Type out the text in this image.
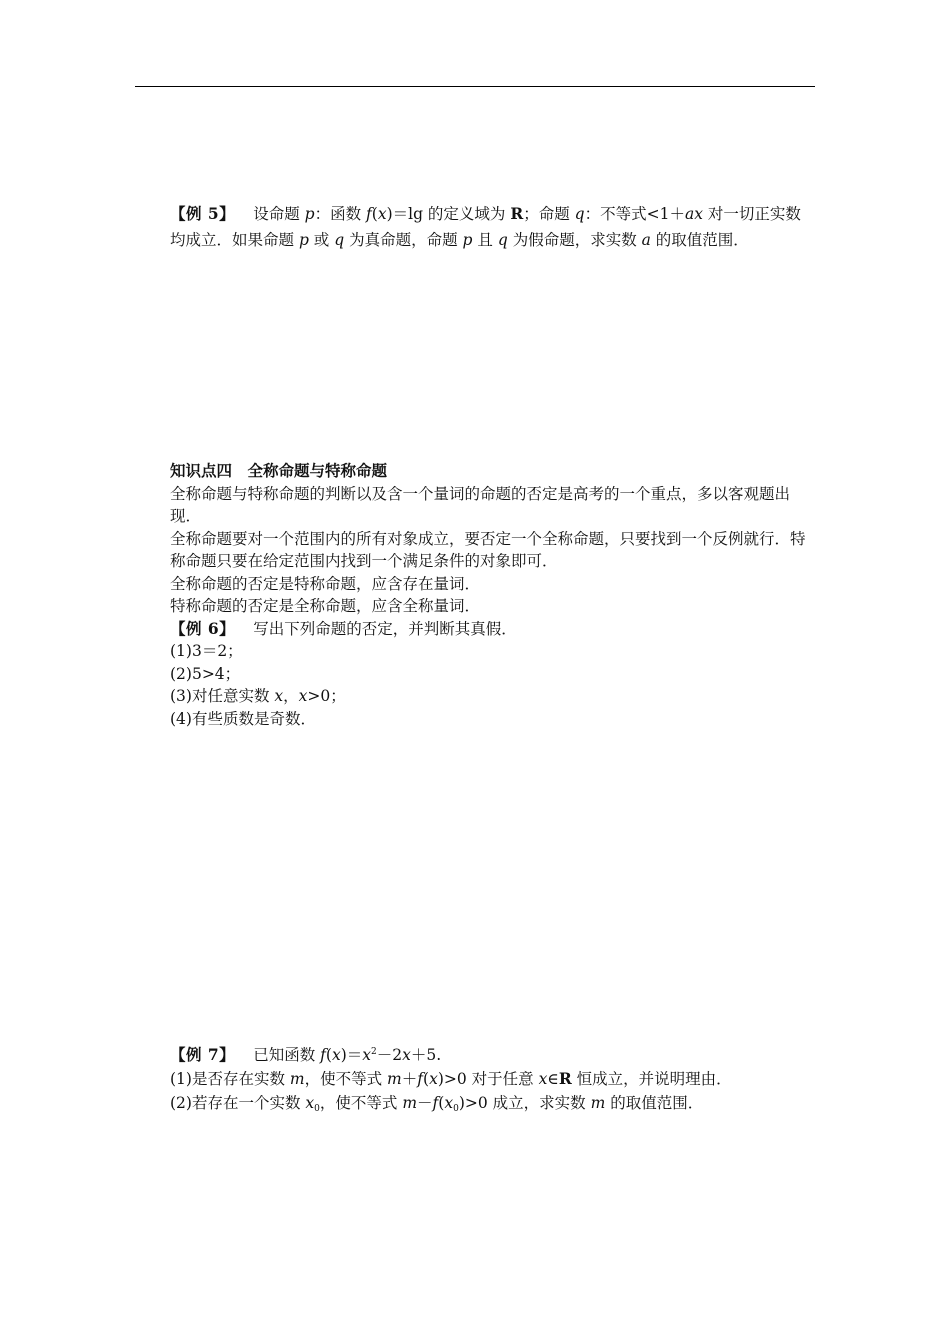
【例 5】 设命题 p：函数 f(x)＝lg 的定义域为 R；命题 q：不等式<1＋ax 对一切正实数
均成立．如果命题 p 或 q 为真命题，命题 p 且 q 为假命题，求实数 a 的取值范围．
知识点四　全称命题与特称命题
全称命题与特称命题的判断以及含一个量词的命题的否定是高考的一个重点，多以客观题出现．
全称命题要对一个范围内的所有对象成立，要否定一个全称命题，只要找到一个反例就行．特称命题只要在给定范围内找到一个满足条件的对象即可．
全称命题的否定是特称命题，应含存在量词．
特称命题的否定是全称命题，应含全称量词．
【例 6】 写出下列命题的否定，并判断其真假．
(1)3＝2；
(2)5>4；
(3)对任意实数 x，x>0；
(4)有些质数是奇数．
【例 7】 已知函数 $f(x)=x^2-2x+5$.
(1)是否存在实数 m，使不等式 m＋f(x)>0 对于任意 x∈R 恒成立，并说明理由．
(2)若存在一个实数 $x_0$，使不等式 $m-f(x_0)>0$ 成立，求实数 m 的取值范围．
